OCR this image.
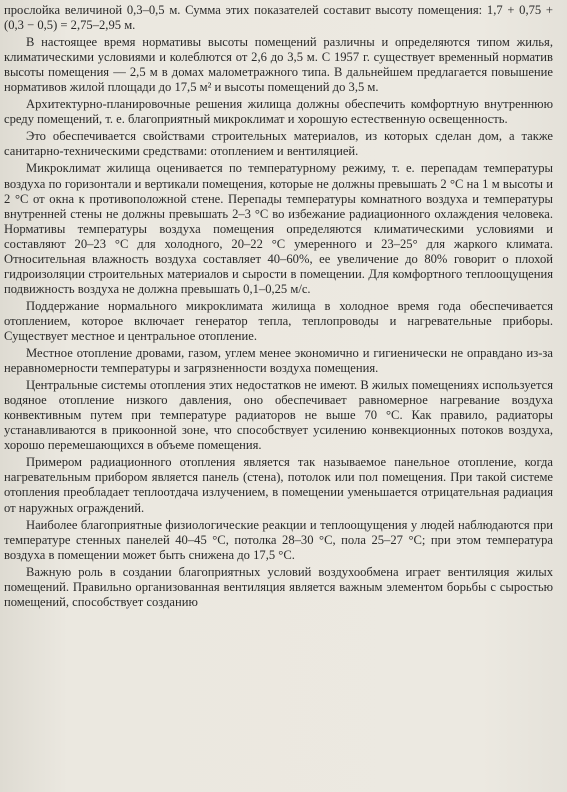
прослойка величиной 0,3–0,5 м. Сумма этих показателей составит высоту помещения: 1,7 + 0,75 + (0,3 − 0,5) = 2,75–2,95 м.

В настоящее время нормативы высоты помещений различны и определяются типом жилья, климатическими условиями и колеблются от 2,6 до 3,5 м. С 1957 г. существует временный норматив высоты помещения — 2,5 м в домах малометражного типа. В дальнейшем предлагается повышение нормативов жилой площади до 17,5 м² и высоты помещений до 3,5 м.

Архитектурно-планировочные решения жилища должны обеспечить комфортную внутреннюю среду помещений, т. е. благоприятный микроклимат и хорошую естественную освещенность.

Это обеспечивается свойствами строительных материалов, из которых сделан дом, а также санитарно-техническими средствами: отоплением и вентиляцией.

Микроклимат жилища оценивается по температурному режиму, т. е. перепадам температуры воздуха по горизонтали и вертикали помещения, которые не должны превышать 2 °С на 1 м высоты и 2 °С от окна к противоположной стене. Перепады температуры комнатного воздуха и температуры внутренней стены не должны превышать 2–3 °С во избежание радиационного охлаждения человека. Нормативы температуры воздуха помещения определяются климатическими условиями и составляют 20–23 °С для холодного, 20–22 °С умеренного и 23–25° для жаркого климата. Относительная влажность воздуха составляет 40–60%, ее увеличение до 80% говорит о плохой гидроизоляции строительных материалов и сырости в помещении. Для комфортного теплоощущения подвижность воздуха не должна превышать 0,1–0,25 м/с.

Поддержание нормального микроклимата жилища в холодное время года обеспечивается отоплением, которое включает генератор тепла, теплопроводы и нагревательные приборы. Существует местное и центральное отопление.

Местное отопление дровами, газом, углем менее экономично и гигиенически не оправдано из-за неравномерности температуры и загрязненности воздуха помещения.

Центральные системы отопления этих недостатков не имеют. В жилых помещениях используется водяное отопление низкого давления, оно обеспечивает равномерное нагревание воздуха конвективным путем при температуре радиаторов не выше 70 °С. Как правило, радиаторы устанавливаются в прикоонной зоне, что способствует усилению конвекционных потоков воздуха, хорошо перемешающихся в объеме помещения.

Примером радиационного отопления является так называемое панельное отопление, когда нагревательным прибором является панель (стена), потолок или пол помещения. При такой системе отопления преобладает теплоотдача излучением, в помещении уменьшается отрицательная радиация от наружных ограждений.

Наиболее благоприятные физиологические реакции и теплоощущения у людей наблюдаются при температуре стенных панелей 40–45 °С, потолка 28–30 °С, пола 25–27 °С; при этом температура воздуха в помещении может быть снижена до 17,5 °С.

Важную роль в создании благоприятных условий воздухообмена играет вентиляция жилых помещений. Правильно организованная вентиляция является важным элементом борьбы с сыростью помещений, способствует созданию
